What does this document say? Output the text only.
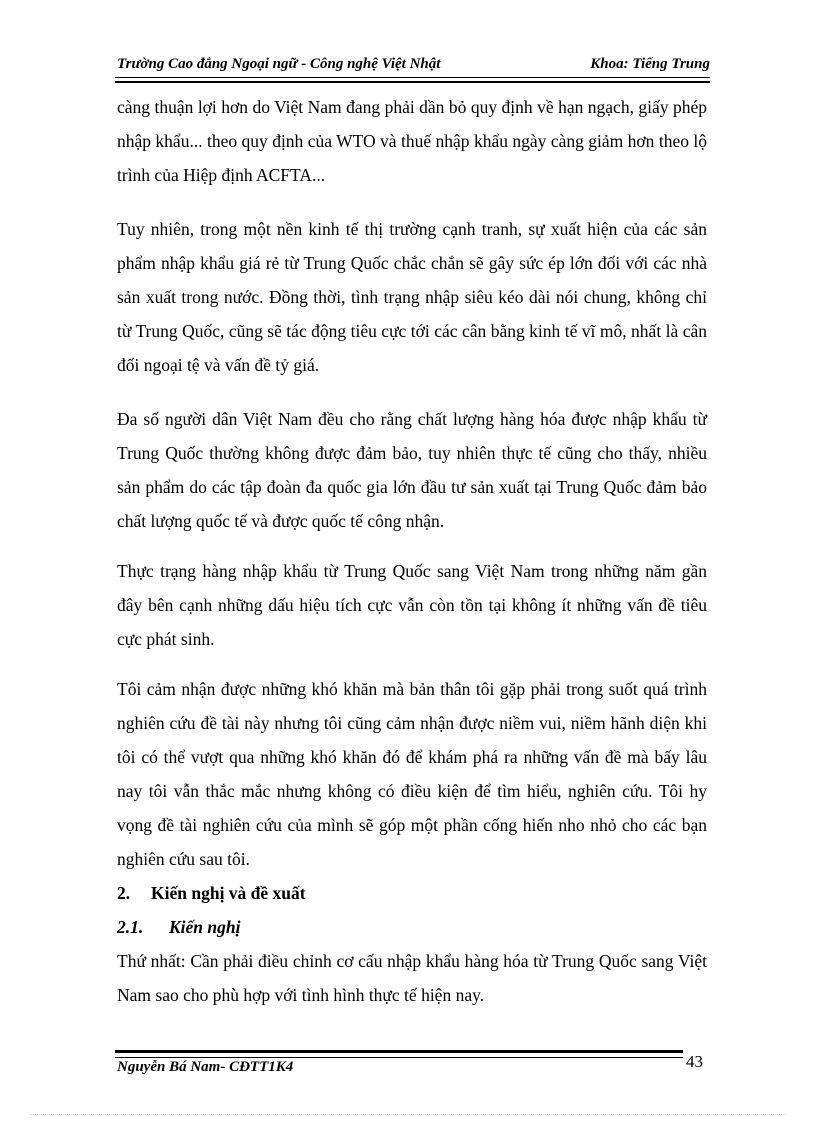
Trường Cao đẳng Ngoại ngữ - Công nghệ Việt Nhật	Khoa: Tiếng Trung

càng thuận lợi hơn do Việt Nam đang phải dần bỏ quy định về hạn ngạch, giấy phép nhập khẩu... theo quy định của WTO và thuế nhập khẩu ngày càng giảm hơn theo lộ trình của Hiệp định ACFTA...

Tuy nhiên, trong một nền kinh tế thị trường cạnh tranh, sự xuất hiện của các sản phẩm nhập khẩu giá rẻ từ Trung Quốc chắc chắn sẽ gây sức ép lớn đối với các nhà sản xuất trong nước. Đồng thời, tình trạng nhập siêu kéo dài nói chung, không chỉ từ Trung Quốc, cũng sẽ tác động tiêu cực tới các cân bằng kinh tế vĩ mô, nhất là cân đối ngoại tệ và vấn đề tỷ giá.

Đa số người dân Việt Nam đều cho rằng chất lượng hàng hóa được nhập khẩu từ Trung Quốc thường không được đảm bảo, tuy nhiên thực tế cũng cho thấy, nhiều sản phẩm do các tập đoàn đa quốc gia lớn đầu tư sản xuất tại Trung Quốc đảm bảo chất lượng quốc tế và được quốc tế công nhận.

Thực trạng hàng nhập khẩu từ Trung Quốc sang Việt Nam trong những năm gần đây bên cạnh những dấu hiệu tích cực vẫn còn tồn tại không ít những vấn đề tiêu cực phát sinh.

Tôi cảm nhận được những khó khăn mà bản thân tôi gặp phải trong suốt quá trình nghiên cứu đề tài này nhưng tôi cũng cảm nhận được niềm vui, niềm hãnh diện khi tôi có thể vượt qua những khó khăn đó để khám phá ra những vấn đề mà bấy lâu nay tôi vẫn thắc mắc nhưng không có điều kiện để tìm hiểu, nghiên cứu. Tôi hy vọng đề tài nghiên cứu của mình sẽ góp một phần cống hiến nho nhỏ cho các bạn nghiên cứu sau tôi.

2. Kiến nghị và đề xuất

2.1. Kiến nghị

Thứ nhất: Cần phải điều chỉnh cơ cấu nhập khẩu hàng hóa từ Trung Quốc sang Việt Nam sao cho phù hợp với tình hình thực tế hiện nay.

Nguyễn Bá Nam- CĐTT1K4	43
